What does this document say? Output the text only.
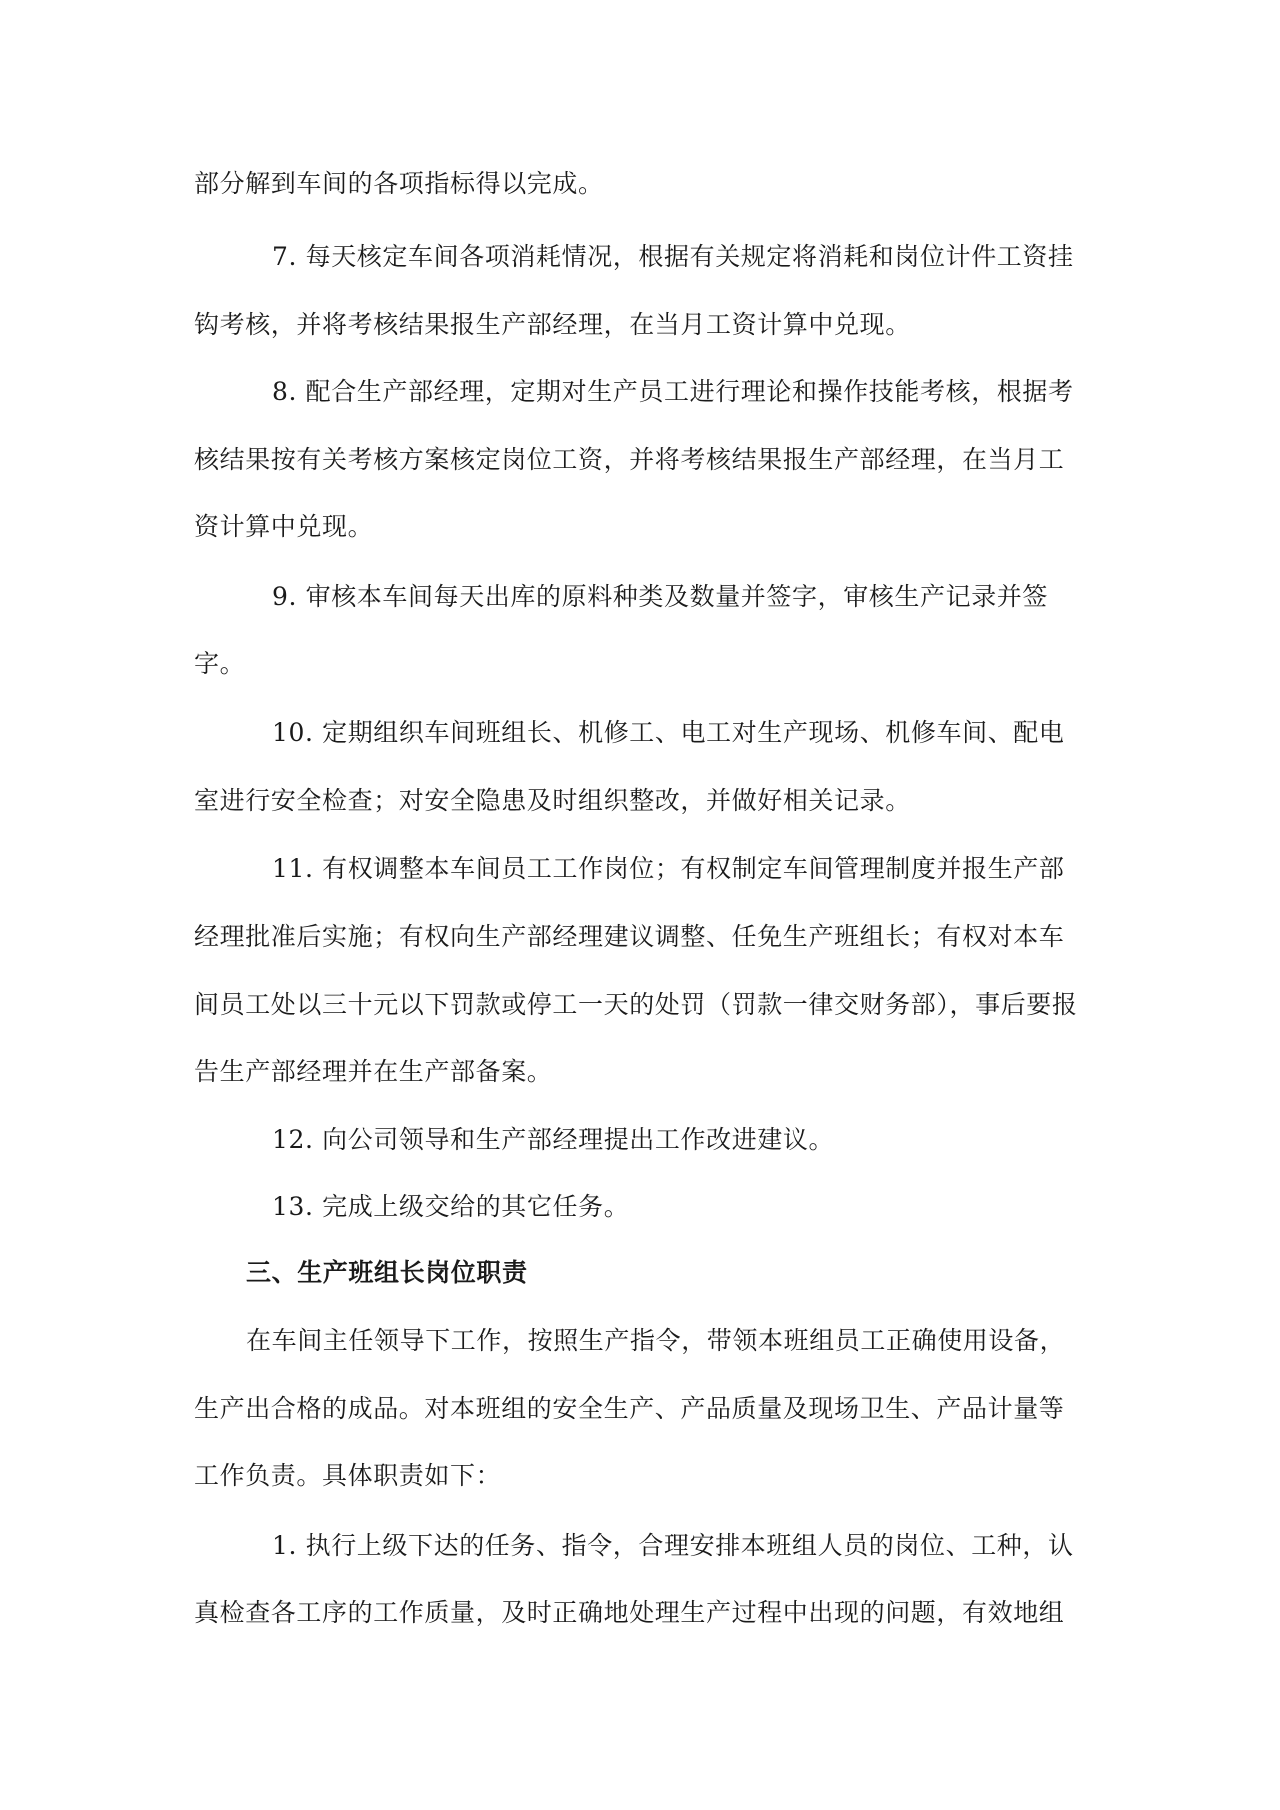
部分解到车间的各项指标得以完成。
7. 每天核定车间各项消耗情况，根据有关规定将消耗和岗位计件工资挂
钩考核，并将考核结果报生产部经理，在当月工资计算中兑现。
8. 配合生产部经理，定期对生产员工进行理论和操作技能考核，根据考
核结果按有关考核方案核定岗位工资，并将考核结果报生产部经理，在当月工
资计算中兑现。
9. 审核本车间每天出库的原料种类及数量并签字，审核生产记录并签
字。
10. 定期组织车间班组长、机修工、电工对生产现场、机修车间、配电
室进行安全检查；对安全隐患及时组织整改，并做好相关记录。
11. 有权调整本车间员工工作岗位；有权制定车间管理制度并报生产部
经理批准后实施；有权向生产部经理建议调整、任免生产班组长；有权对本车
间员工处以三十元以下罚款或停工一天的处罚（罚款一律交财务部），事后要报
告生产部经理并在生产部备案。
12. 向公司领导和生产部经理提出工作改进建议。
13. 完成上级交给的其它任务。
三、生产班组长岗位职责
在车间主任领导下工作，按照生产指令，带领本班组员工正确使用设备，
生产出合格的成品。对本班组的安全生产、产品质量及现场卫生、产品计量等
工作负责。具体职责如下：
1. 执行上级下达的任务、指令，合理安排本班组人员的岗位、工种，认
真检查各工序的工作质量，及时正确地处理生产过程中出现的问题，有效地组
